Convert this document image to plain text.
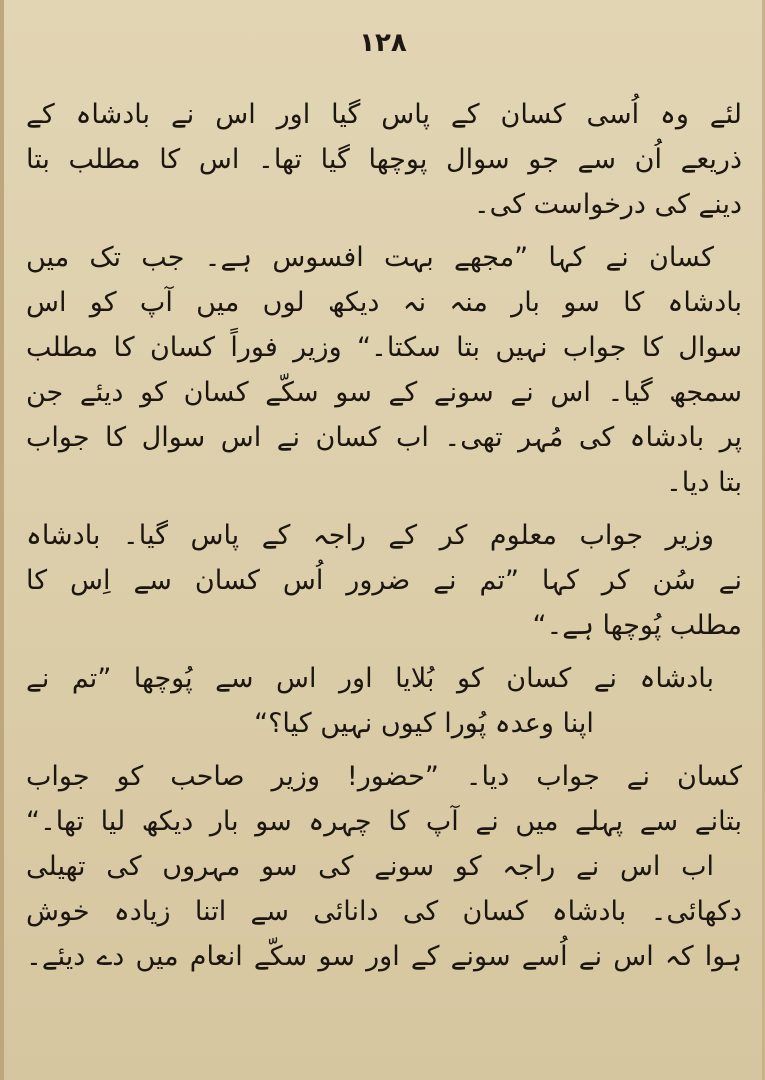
۱۲۸

لئے وہ اُسی کسان کے پاس گیا اور اس نے بادشاہ کے
ذریعے اُن سے جو سوال پوچھا گیا تھا۔ اس کا مطلب بتا
دینے کی درخواست کی۔

کسان نے کہا ”مجھے بہت افسوس ہے۔ جب تک میں
بادشاہ کا سو بار منہ نہ دیکھ لوں میں آپ کو اس
سوال کا جواب نہیں بتا سکتا۔“ وزیر فوراً کسان کا مطلب
سمجھ گیا۔ اس نے سونے کے سو سکّے کسان کو دیئے جن
پر بادشاہ کی مُہر تھی۔ اب کسان نے اس سوال کا جواب
بتا دیا۔

وزیر جواب معلوم کر کے راجہ کے پاس گیا۔ بادشاہ
نے سُن کر کہا ”تم نے ضرور اُس کسان سے اِس کا
مطلب پُوچھا ہے۔“

بادشاہ نے کسان کو بُلایا اور اس سے پُوچھا ”تم نے
اپنا وعدہ پُورا کیوں نہیں کیا؟“

کسان نے جواب دیا۔ ”حضور! وزیر صاحب کو جواب
بتانے سے پہلے میں نے آپ کا چہرہ سو بار دیکھ لیا تھا۔“
اب اس نے راجہ کو سونے کی سو مہروں کی تھیلی
دکھائی۔ بادشاہ کسان کی دانائی سے اتنا زیادہ خوش
ہوا کہ اس نے اُسے سونے کے اور سو سکّے انعام میں دے دیئے۔
